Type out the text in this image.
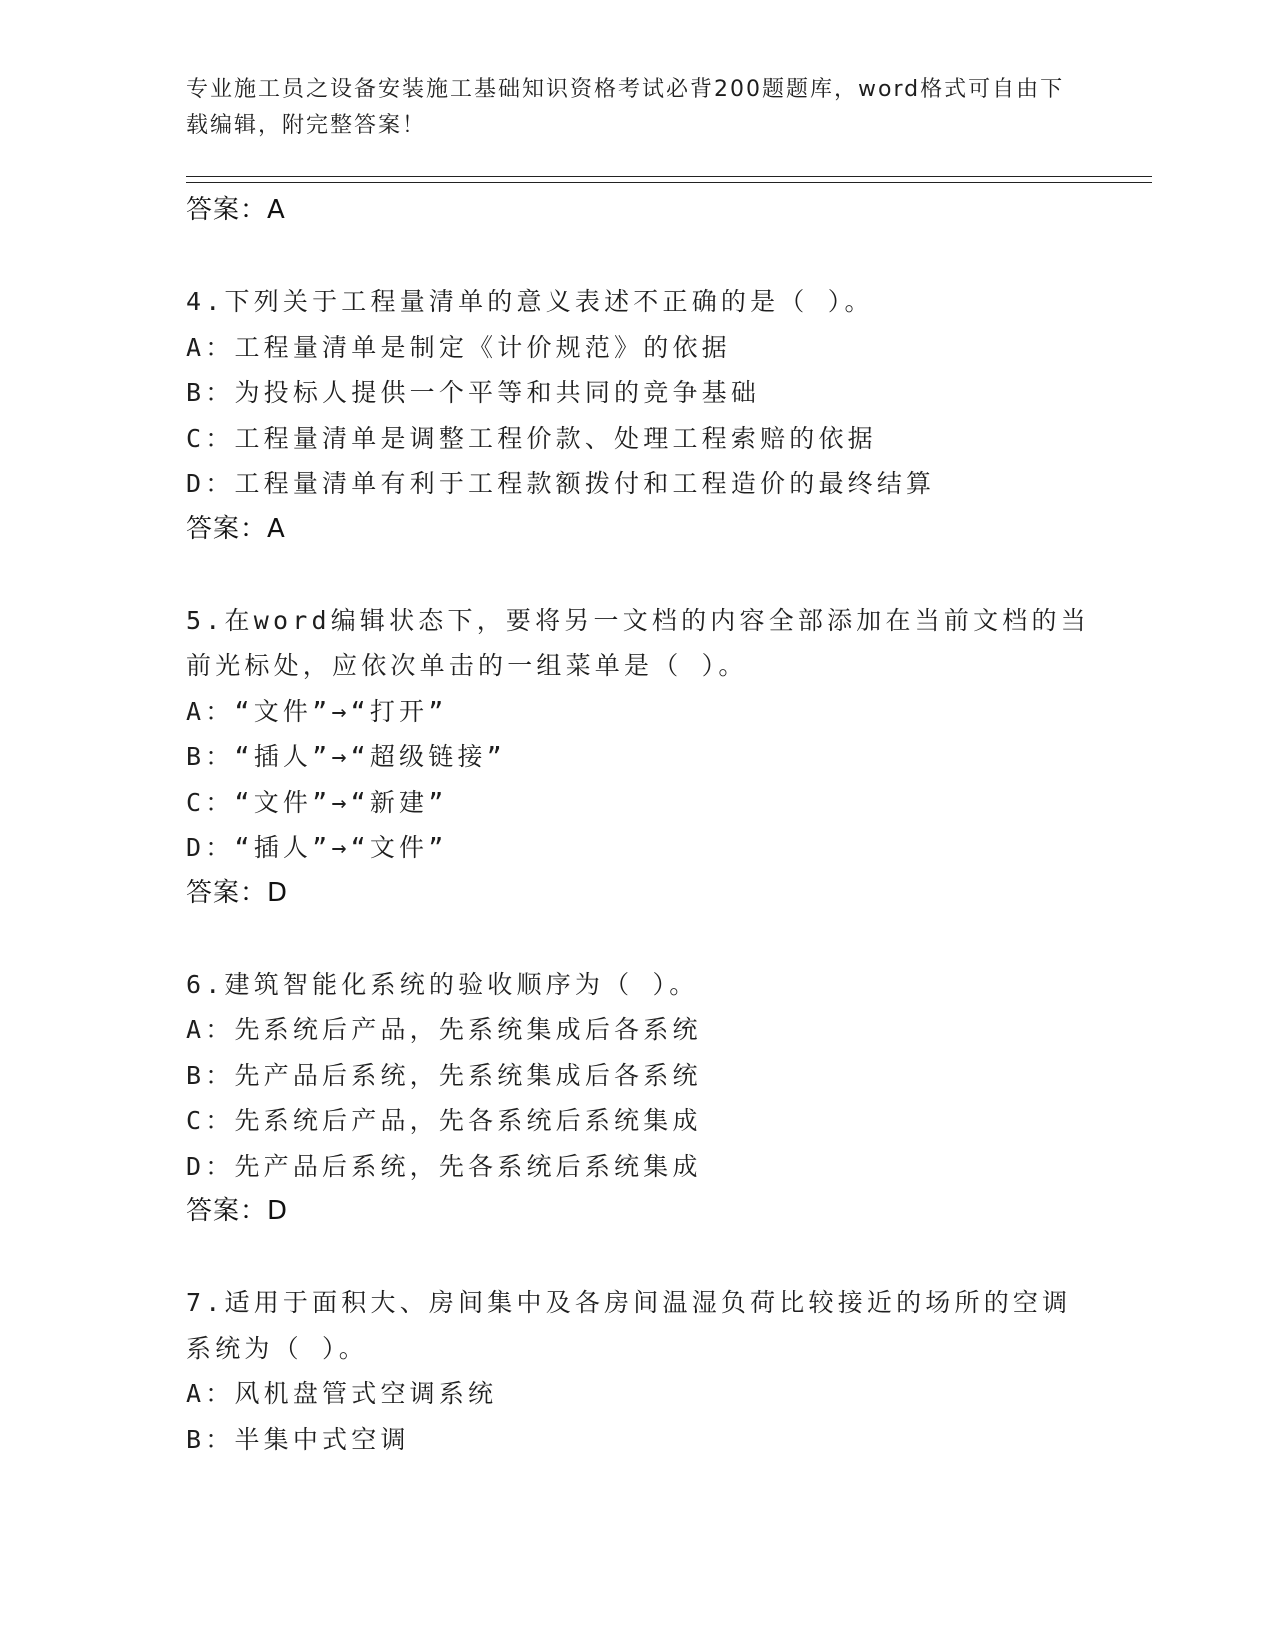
专业施工员之设备安装施工基础知识资格考试必背200题题库，word格式可自由下载编辑，附完整答案！
答案：A
4.下列关于工程量清单的意义表述不正确的是（ ）。
A：工程量清单是制定《计价规范》的依据
B：为投标人提供一个平等和共同的竞争基础
C：工程量清单是调整工程价款、处理工程索赔的依据
D：工程量清单有利于工程款额拨付和工程造价的最终结算
答案：A
5.在word编辑状态下，要将另一文档的内容全部添加在当前文档的当
前光标处，应依次单击的一组菜单是（ ）。
A：“文件”→“打开”
B：“插人”→“超级链接”
C：“文件”→“新建”
D：“插人”→“文件”
答案：D
6.建筑智能化系统的验收顺序为（ ）。
A：先系统后产品，先系统集成后各系统
B：先产品后系统，先系统集成后各系统
C：先系统后产品，先各系统后系统集成
D：先产品后系统，先各系统后系统集成
答案：D
7.适用于面积大、房间集中及各房间温湿负荷比较接近的场所的空调
系统为（ ）。
A：风机盘管式空调系统
B：半集中式空调
